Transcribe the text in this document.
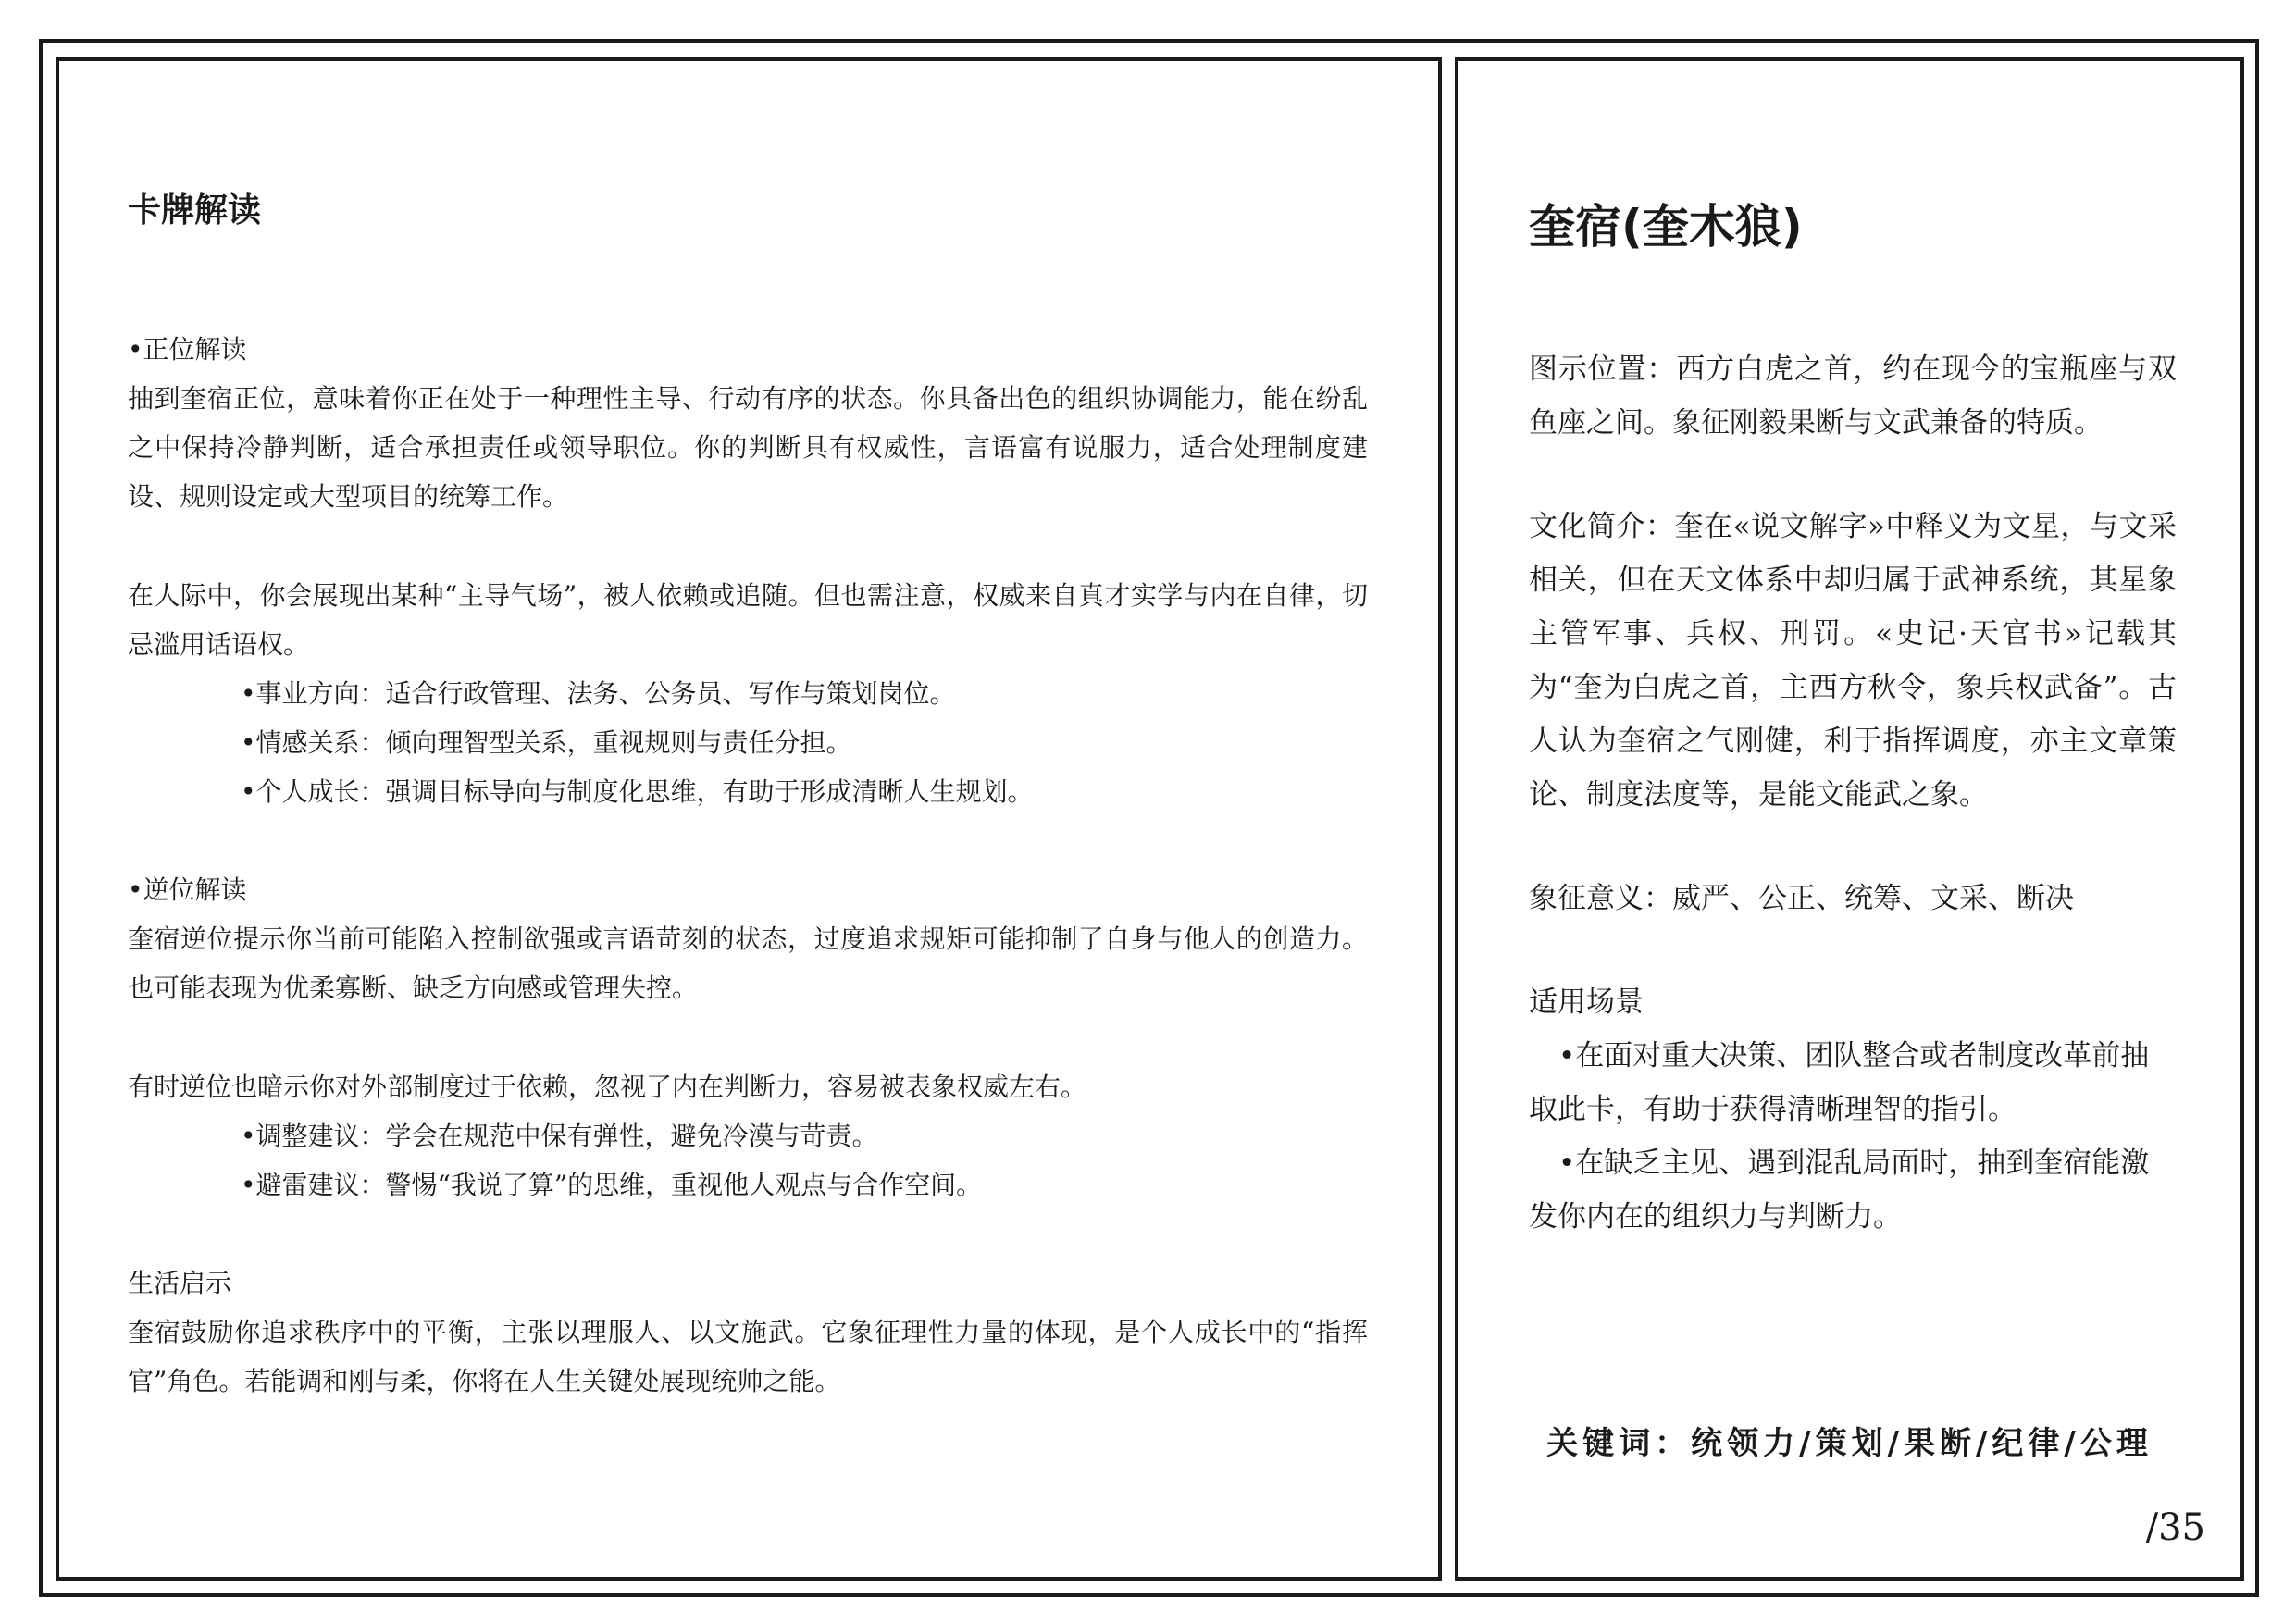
卡牌解读

•正位解读

抽到奎宿正位，意味着你正在处于一种理性主导、行动有序的状态。你具备出色的组织协调能力，能在纷乱之中保持冷静判断，适合承担责任或领导职位。你的判断具有权威性，言语富有说服力，适合处理制度建设、规则设定或大型项目的统筹工作。

在人际中，你会展现出某种“主导气场”，被人依赖或追随。但也需注意，权威来自真才实学与内在自律，切忌滥用话语权。

•事业方向：适合行政管理、法务、公务员、写作与策划岗位。
•情感关系：倾向理智型关系，重视规则与责任分担。
•个人成长：强调目标导向与制度化思维，有助于形成清晰人生规划。

•逆位解读

奎宿逆位提示你当前可能陷入控制欲强或言语苛刻的状态，过度追求规矩可能抑制了自身与他人的创造力。也可能表现为优柔寡断、缺乏方向感或管理失控。

有时逆位也暗示你对外部制度过于依赖，忽视了内在判断力，容易被表象权威左右。

•调整建议：学会在规范中保有弹性，避免冷漠与苛责。
•避雷建议：警惕“我说了算”的思维，重视他人观点与合作空间。

生活启示

奎宿鼓励你追求秩序中的平衡，主张以理服人、以文施武。它象征理性力量的体现，是个人成长中的“指挥官”角色。若能调和刚与柔，你将在人生关键处展现统帅之能。

奎宿(奎木狼)

图示位置：西方白虎之首，约在现今的宝瓶座与双鱼座之间。象征刚毅果断与文武兼备的特质。

文化简介：奎在«说文解字»中释义为文星，与文采相关，但在天文体系中却归属于武神系统，其星象主管军事、兵权、刑罚。«史记·天官书»记载其为“奎为白虎之首，主西方秋令，象兵权武备”。古人认为奎宿之气刚健，利于指挥调度，亦主文章策论、制度法度等，是能文能武之象。

象征意义：威严、公正、统筹、文采、断决

适用场景

•在面对重大决策、团队整合或者制度改革前抽取此卡，有助于获得清晰理智的指引。

•在缺乏主见、遇到混乱局面时，抽到奎宿能激发你内在的组织力与判断力。

关键词：统领力/策划/果断/纪律/公理
/35
